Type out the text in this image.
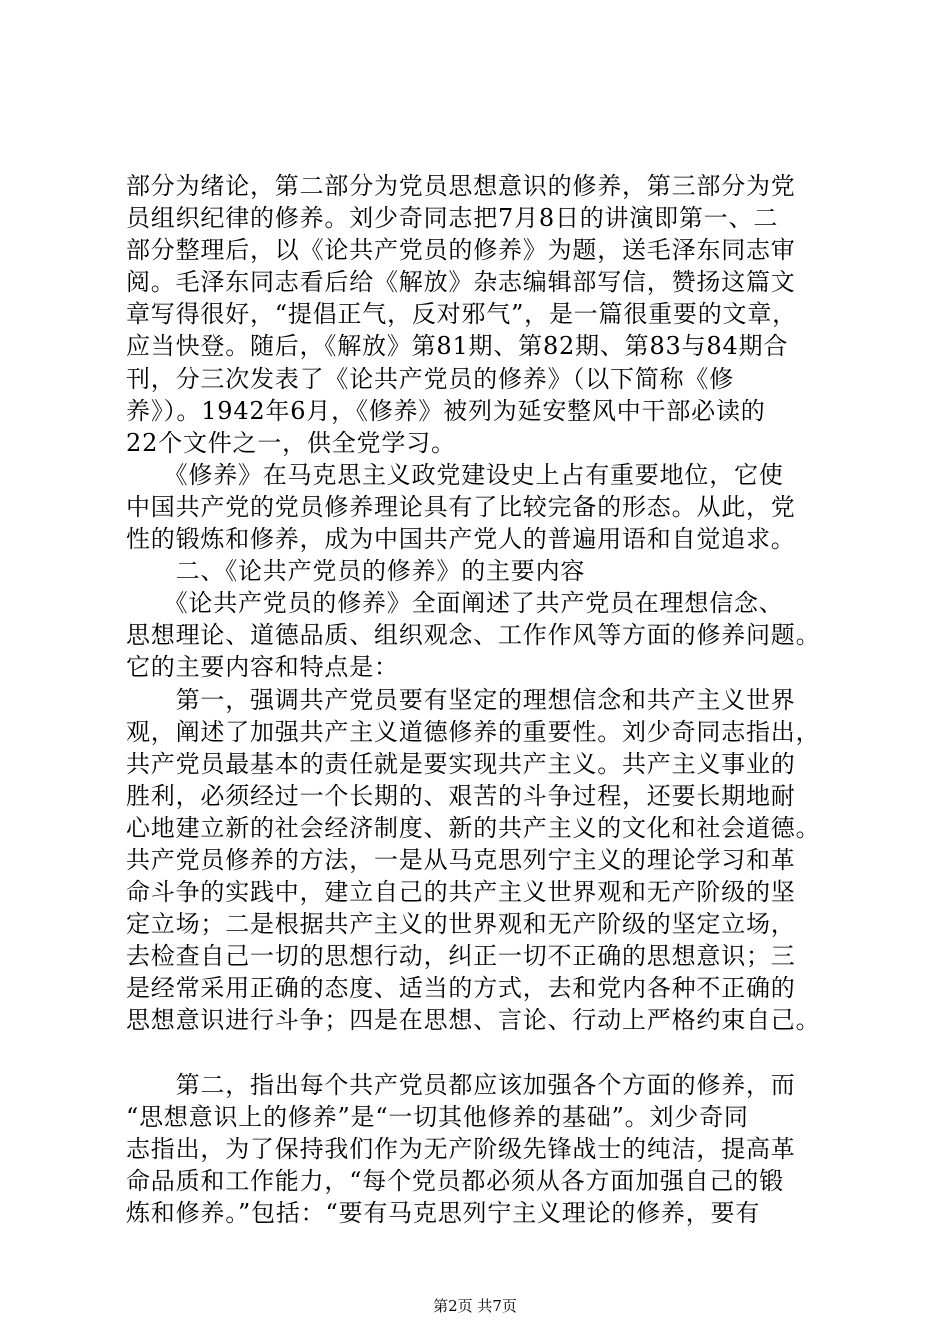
部分为绪论，第二部分为党员思想意识的修养，第三部分为党
员组织纪律的修养。刘少奇同志把7月8日的讲演即第一、二
部分整理后，以《论共产党员的修养》为题，送毛泽东同志审
阅。毛泽东同志看后给《解放》杂志编辑部写信，赞扬这篇文
章写得很好，“提倡正气，反对邪气”，是一篇很重要的文章，
应当快登。随后，《解放》第81期、第82期、第83与84期合
刊，分三次发表了《论共产党员的修养》（以下简称《修
养》）。1942年6月，《修养》被列为延安整风中干部必读的
22个文件之一，供全党学习。
　　《修养》在马克思主义政党建设史上占有重要地位，它使
中国共产党的党员修养理论具有了比较完备的形态。从此，党
性的锻炼和修养，成为中国共产党人的普遍用语和自觉追求。
　　二、《论共产党员的修养》的主要内容
　　《论共产党员的修养》全面阐述了共产党员在理想信念、
思想理论、道德品质、组织观念、工作作风等方面的修养问题。
它的主要内容和特点是：
　　第一，强调共产党员要有坚定的理想信念和共产主义世界
观，阐述了加强共产主义道德修养的重要性。刘少奇同志指出，
共产党员最基本的责任就是要实现共产主义。共产主义事业的
胜利，必须经过一个长期的、艰苦的斗争过程，还要长期地耐
心地建立新的社会经济制度、新的共产主义的文化和社会道德。
共产党员修养的方法，一是从马克思列宁主义的理论学习和革
命斗争的实践中，建立自己的共产主义世界观和无产阶级的坚
定立场；二是根据共产主义的世界观和无产阶级的坚定立场，
去检查自己一切的思想行动，纠正一切不正确的思想意识；三
是经常采用正确的态度、适当的方式，去和党内各种不正确的
思想意识进行斗争；四是在思想、言论、行动上严格约束自己。
　　第二，指出每个共产党员都应该加强各个方面的修养，而
“思想意识上的修养”是“一切其他修养的基础”。刘少奇同
志指出，为了保持我们作为无产阶级先锋战士的纯洁，提高革
命品质和工作能力，“每个党员都必须从各方面加强自己的锻
炼和修养。”包括：“要有马克思列宁主义理论的修养，要有
第2页 共7页
